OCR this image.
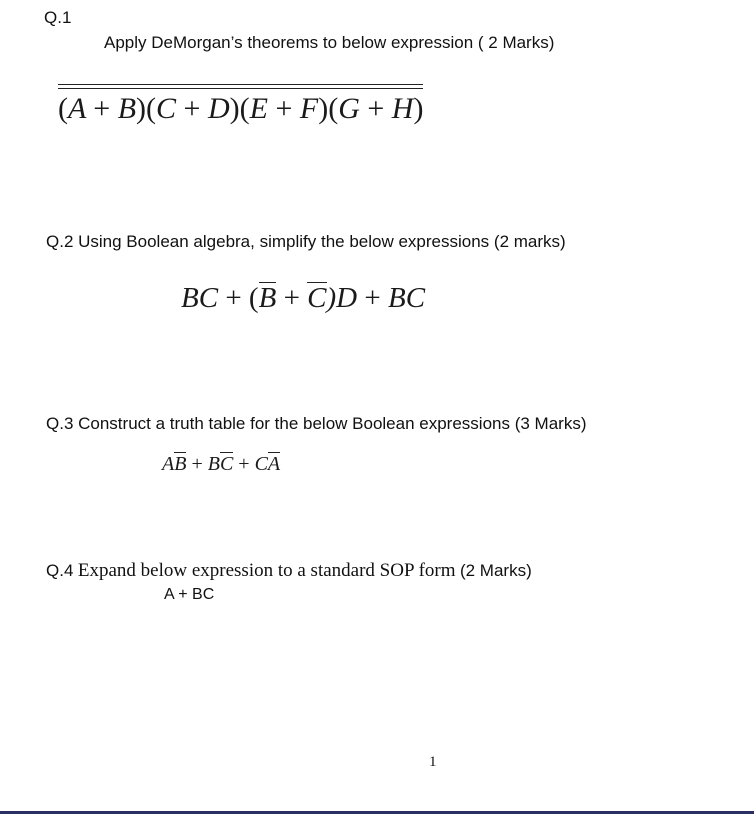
Q.1
Apply DeMorgan’s theorems to below expression ( 2 Marks)
(A + B)(C + D)(E + F)(G + H)
Q.2 Using Boolean algebra, simplify the below expressions (2 marks)
BC + (B + C)D + BC
Q.3 Construct a truth table for the below Boolean expressions (3 Marks)
AB + BC + CA
Q.4 Expand below expression to a standard SOP form (2 Marks)
A + BC
1
